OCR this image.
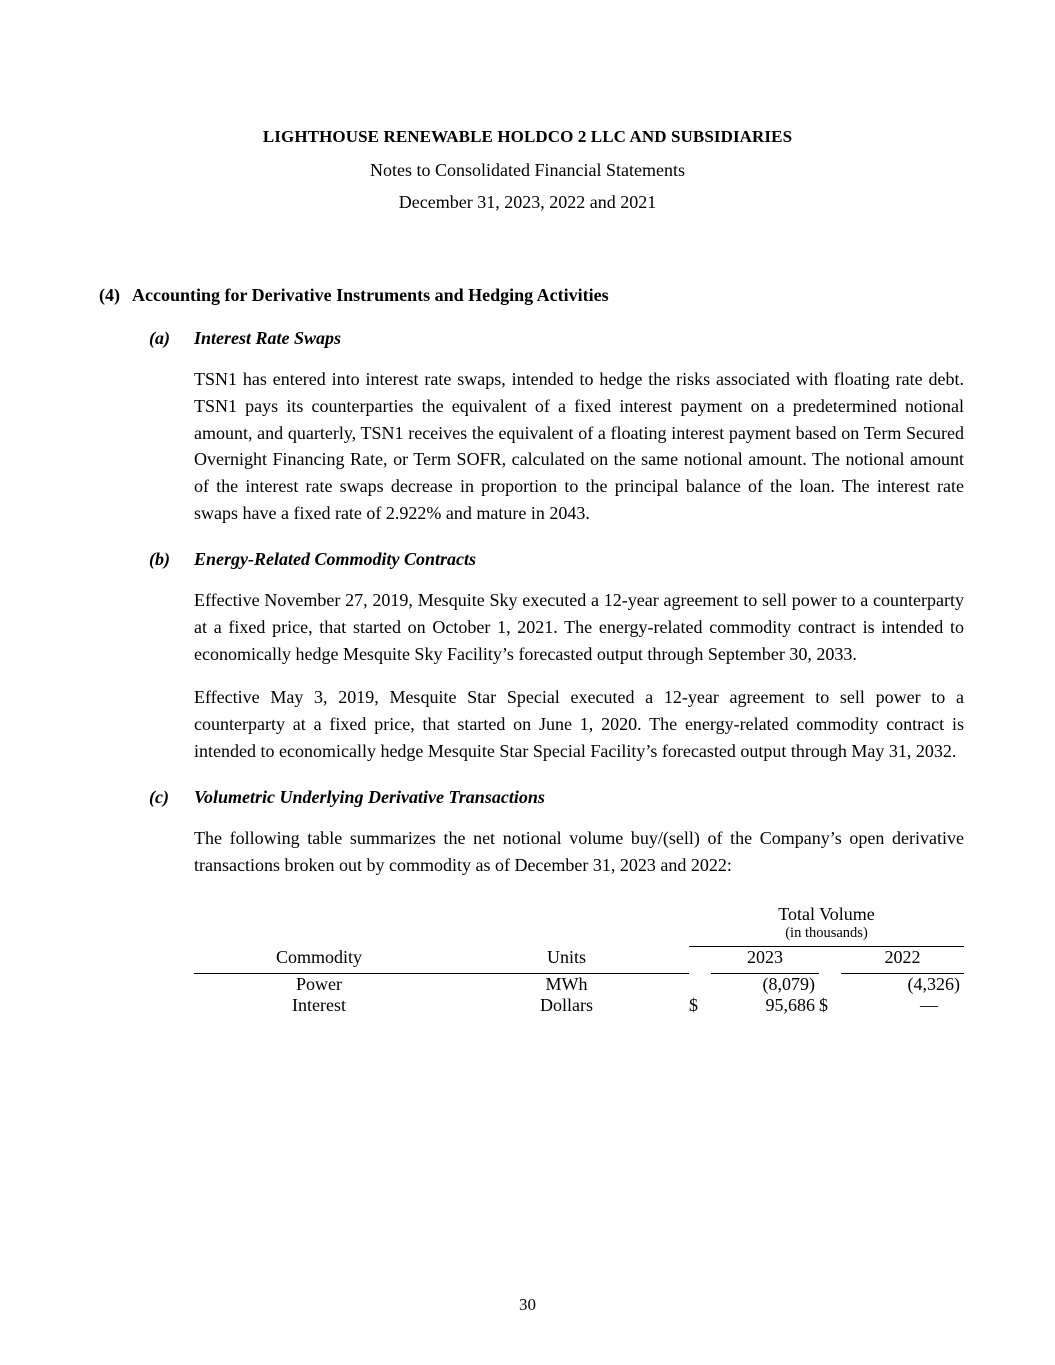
LIGHTHOUSE RENEWABLE HOLDCO 2 LLC AND SUBSIDIARIES
Notes to Consolidated Financial Statements
December 31, 2023, 2022 and 2021
(4) Accounting for Derivative Instruments and Hedging Activities
(a)	Interest Rate Swaps
TSN1 has entered into interest rate swaps, intended to hedge the risks associated with floating rate debt. TSN1 pays its counterparties the equivalent of a fixed interest payment on a predetermined notional amount, and quarterly, TSN1 receives the equivalent of a floating interest payment based on Term Secured Overnight Financing Rate, or Term SOFR, calculated on the same notional amount. The notional amount of the interest rate swaps decrease in proportion to the principal balance of the loan. The interest rate swaps have a fixed rate of 2.922% and mature in 2043.
(b)	Energy-Related Commodity Contracts
Effective November 27, 2019, Mesquite Sky executed a 12-year agreement to sell power to a counterparty at a fixed price, that started on October 1, 2021. The energy-related commodity contract is intended to economically hedge Mesquite Sky Facility’s forecasted output through September 30, 2033.
Effective May 3, 2019, Mesquite Star Special executed a 12-year agreement to sell power to a counterparty at a fixed price, that started on June 1, 2020. The energy-related commodity contract is intended to economically hedge Mesquite Star Special Facility’s forecasted output through May 31, 2032.
(c)	Volumetric Underlying Derivative Transactions
The following table summarizes the net notional volume buy/(sell) of the Company’s open derivative transactions broken out by commodity as of December 31, 2023 and 2022:
		Total Volume			
		(in thousands)			

Commodity	Units		2023		2022

Power	MWh		(8,079)		(4,326)
Interest	Dollars	$	95,686	$	—
30
